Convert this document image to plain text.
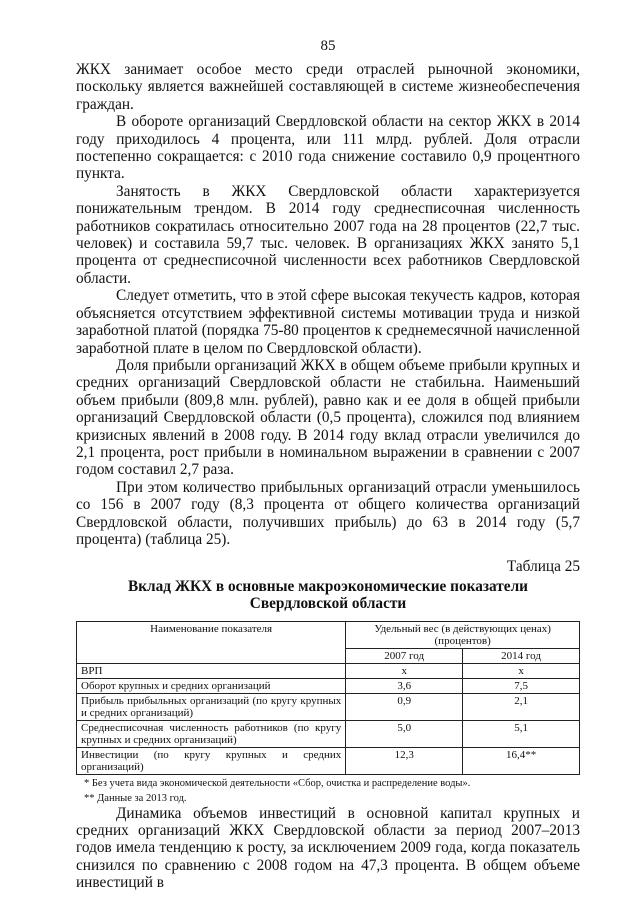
85

ЖКХ занимает особое место среди отраслей рыночной экономики, поскольку является важнейшей составляющей в системе жизнеобеспечения граждан.

В обороте организаций Свердловской области на сектор ЖКХ в 2014 году приходилось 4 процента, или 111 млрд. рублей. Доля отрасли постепенно сокращается: с 2010 года снижение составило 0,9 процентного пункта.

Занятость в ЖКХ Свердловской области характеризуется понижательным трендом. В 2014 году среднесписочная численность работников сократилась относительно 2007 года на 28 процентов (22,7 тыс. человек) и составила 59,7 тыс. человек. В организациях ЖКХ занято 5,1 процента от среднесписочной численности всех работников Свердловской области.

Следует отметить, что в этой сфере высокая текучесть кадров, которая объясняется отсутствием эффективной системы мотивации труда и низкой заработной платой (порядка 75-80 процентов к среднемесячной начисленной заработной плате в целом по Свердловской области).

Доля прибыли организаций ЖКХ в общем объеме прибыли крупных и средних организаций Свердловской области не стабильна. Наименьший объем прибыли (809,8 млн. рублей), равно как и ее доля в общей прибыли организаций Свердловской области (0,5 процента), сложился под влиянием кризисных явлений в 2008 году. В 2014 году вклад отрасли увеличился до 2,1 процента, рост прибыли в номинальном выражении в сравнении с 2007 годом составил 2,7 раза.

При этом количество прибыльных организаций отрасли уменьшилось со 156 в 2007 году (8,3 процента от общего количества организаций Свердловской области, получивших прибыль) до 63 в 2014 году (5,7 процента) (таблица 25).

Таблица 25
Вклад ЖКХ в основные макроэкономические показатели Свердловской области
Наименование показателя	Удельный вес (в действующих ценах) (процентов)	
	2007 год	2014 год
ВРП	х	х
Оборот крупных и средних организаций	3,6	7,5
Прибыль прибыльных организаций (по кругу крупных и средних организаций)	0,9	2,1
Среднесписочная численность работников (по кругу крупных и средних организаций)	5,0	5,1
Инвестиции (по кругу крупных и средних организаций)	12,3	16,4**
* Без учета вида экономической деятельности «Сбор, очистка и распределение воды».
** Данные за 2013 год.

Динамика объемов инвестиций в основной капитал крупных и средних организаций ЖКХ Свердловской области за период 2007–2013 годов имела тенденцию к росту, за исключением 2009 года, когда показатель снизился по сравнению с 2008 годом на 47,3 процента. В общем объеме инвестиций в
